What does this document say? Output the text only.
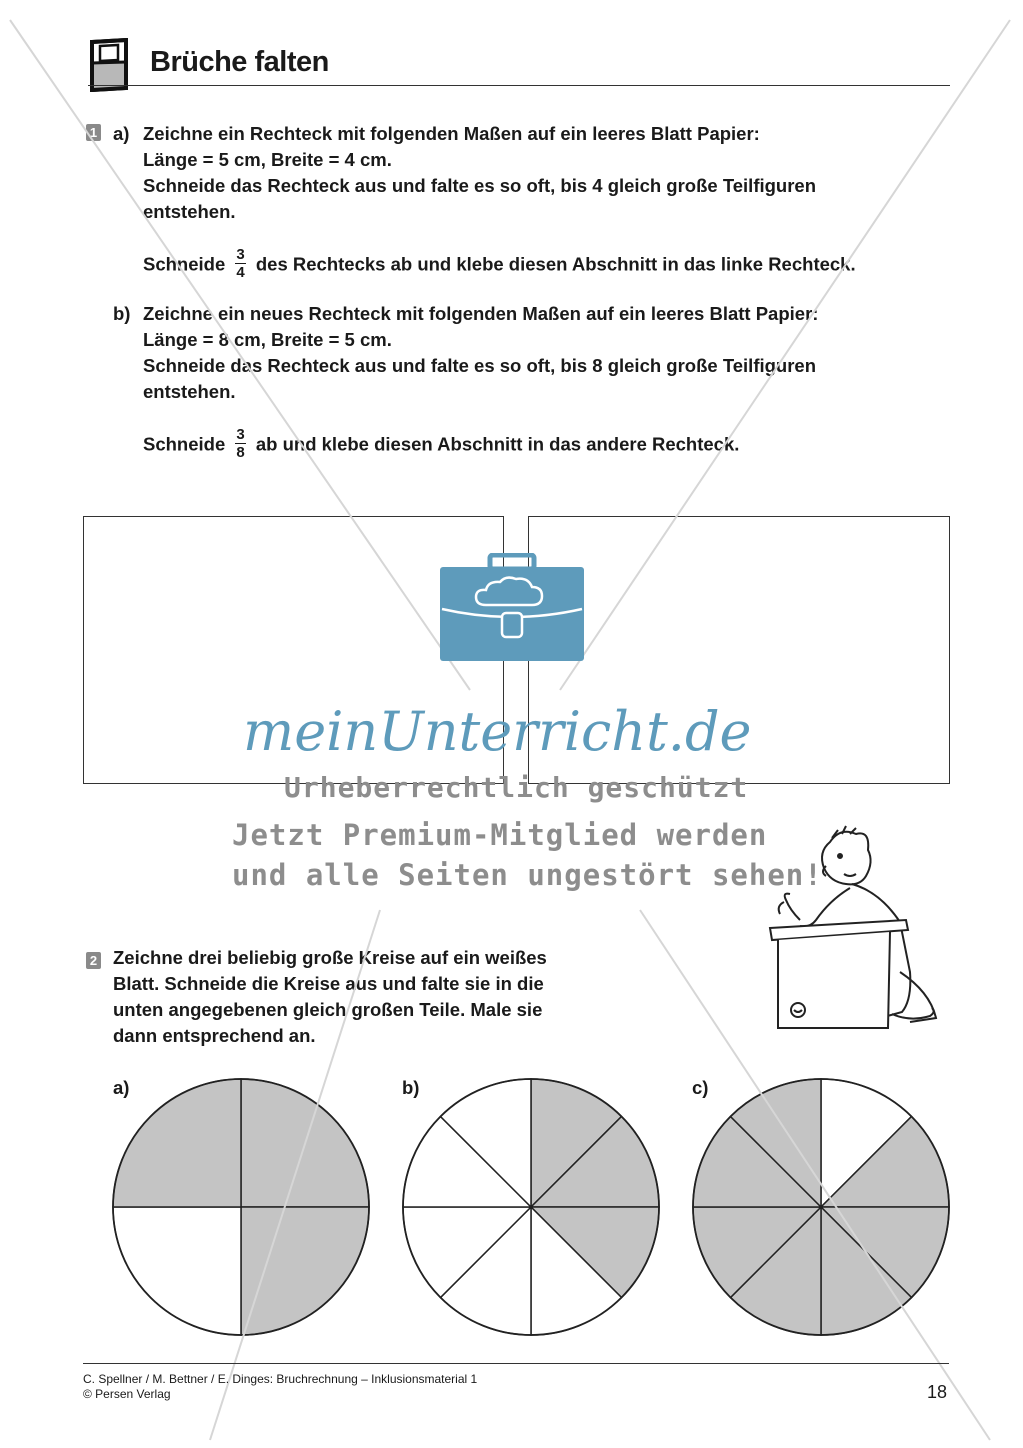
Brüche falten
1 a) Zeichne ein Rechteck mit folgenden Maßen auf ein leeres Blatt Papier:
Länge = 5 cm, Breite = 4 cm.
Schneide das Rechteck aus und falte es so oft, bis 4 gleich große Teilfiguren
entstehen.
Schneide $\frac{3}{4}$ des Rechtecks ab und klebe diesen Abschnitt in das linke Rechteck.
b) Zeichne ein neues Rechteck mit folgenden Maßen auf ein leeres Blatt Papier:
Länge = 8 cm, Breite = 5 cm.
Schneide das Rechteck aus und falte es so oft, bis 8 gleich große Teilfiguren
entstehen.
Schneide $\frac{3}{8}$ ab und klebe diesen Abschnitt in das andere Rechteck.
2 Zeichne drei beliebig große Kreise auf ein weißes
Blatt. Schneide die Kreise aus und falte sie in die
unten angegebenen gleich großen Teile. Male sie
dann entsprechend an.
a)	b)	c)
meinUnterricht.de
Urheberrechtlich geschützt
Jetzt Premium-Mitglied werden
und alle Seiten ungestört sehen!
C. Spellner / M. Bettner / E. Dinges: Bruchrechnung – Inklusionsmaterial 1
© Persen Verlag	18
